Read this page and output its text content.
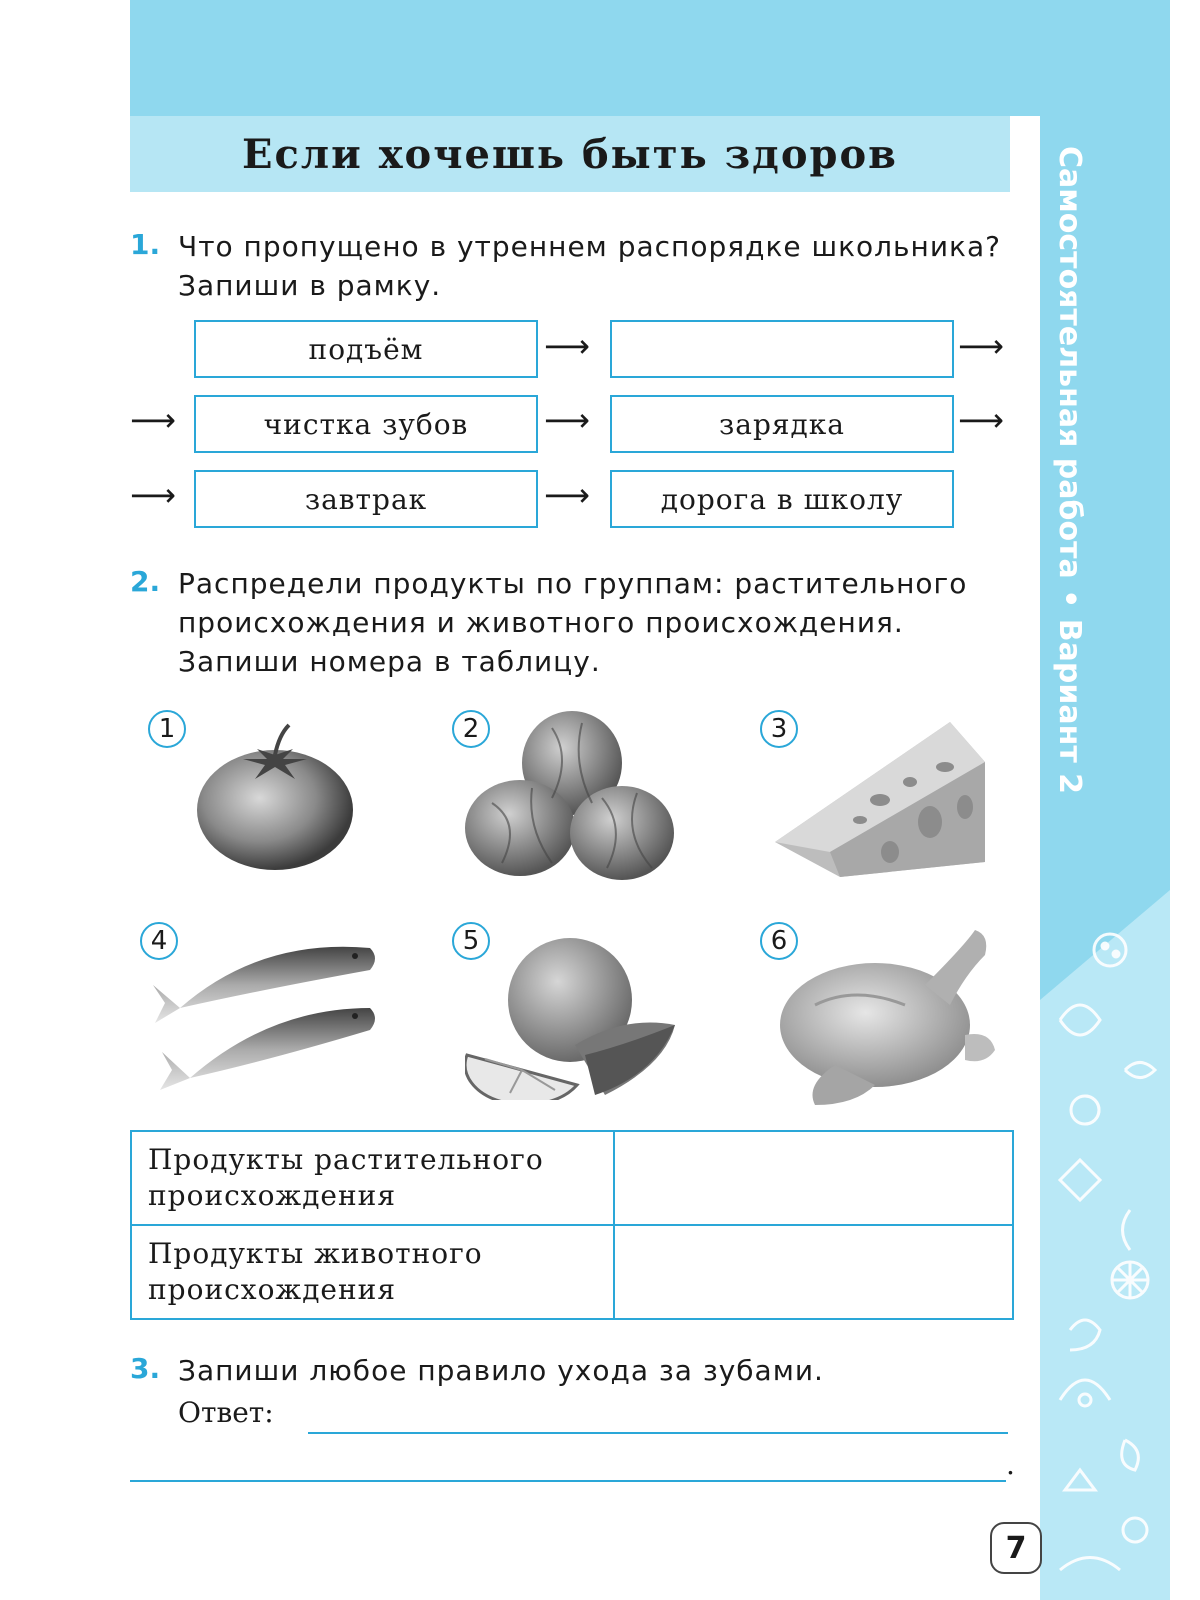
Если хочешь быть здоров	Самостоятельная работа • Вариант 2
1. Что пропущено в утреннем распорядке школьника? Запиши в рамку.
подъём	⟶	⟶
⟶	чистка зубов	⟶	зарядка	⟶
⟶	завтрак	⟶	дорога в школу
2. Распредели продукты по группам: растительного происхождения и животного происхождения. Запиши номера в таблицу.
1	2	3
4	5	6
Продукты растительного происхождения	
Продукты животного происхождения	
3. Запиши любое правило ухода за зубами.
Ответ:
.
7
